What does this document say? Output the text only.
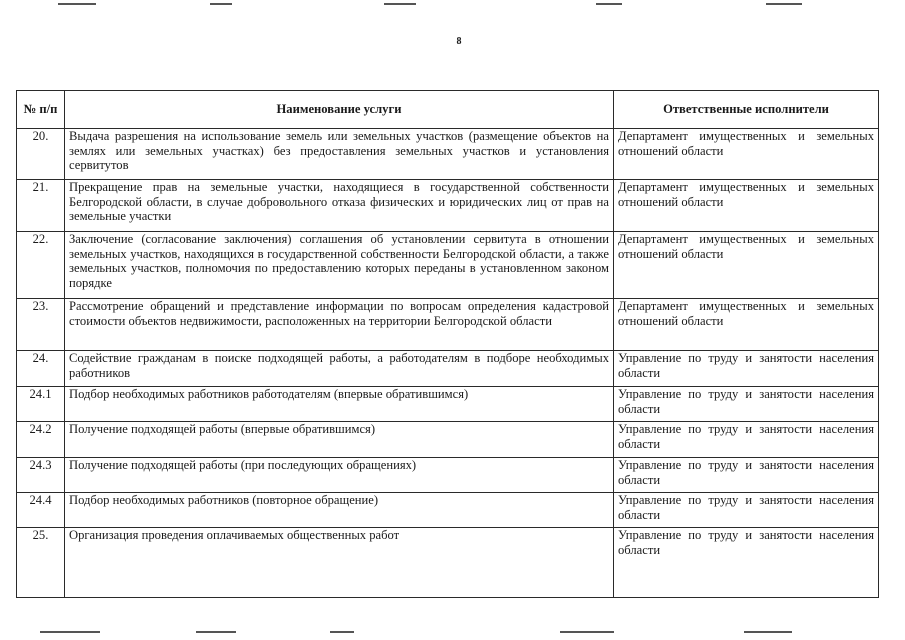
8
№ п/п	Наименование услуги	Ответственные исполнители
20.	Выдача разрешения на использование земель или земельных участков (размещение объектов на землях или земельных участках) без предоставления земельных участков и установления сервитутов	Департамент имущественных и земельных отношений области
21.	Прекращение прав на земельные участки, находящиеся в государственной собственности Белгородской области, в случае добровольного отказа физических и юридических лиц от прав на земельные участки	Департамент имущественных и земельных отношений области
22.	Заключение (согласование заключения) соглашения об установлении сервитута в отношении земельных участков, находящихся в государственной собственности Белгородской области, а также земельных участков, полномочия по предоставлению которых переданы в установленном законом порядке	Департамент имущественных и земельных отношений области
23.	Рассмотрение обращений и представление информации по вопросам определения кадастровой стоимости объектов недвижимости, расположенных на территории Белгородской области	Департамент имущественных и земельных отношений области
24.	Содействие гражданам в поиске подходящей работы, а работодателям в подборе необходимых работников	Управление по труду и занятости населения области
24.1	Подбор необходимых работников работодателям (впервые обратившимся)	Управление по труду и занятости населения области
24.2	Получение подходящей работы (впервые обратившимся)	Управление по труду и занятости населения области
24.3	Получение подходящей работы (при последующих обращениях)	Управление по труду и занятости населения области
24.4	Подбор необходимых работников (повторное обращение)	Управление по труду и занятости населения области
25.	Организация проведения оплачиваемых общественных работ	Управление по труду и занятости населения области
